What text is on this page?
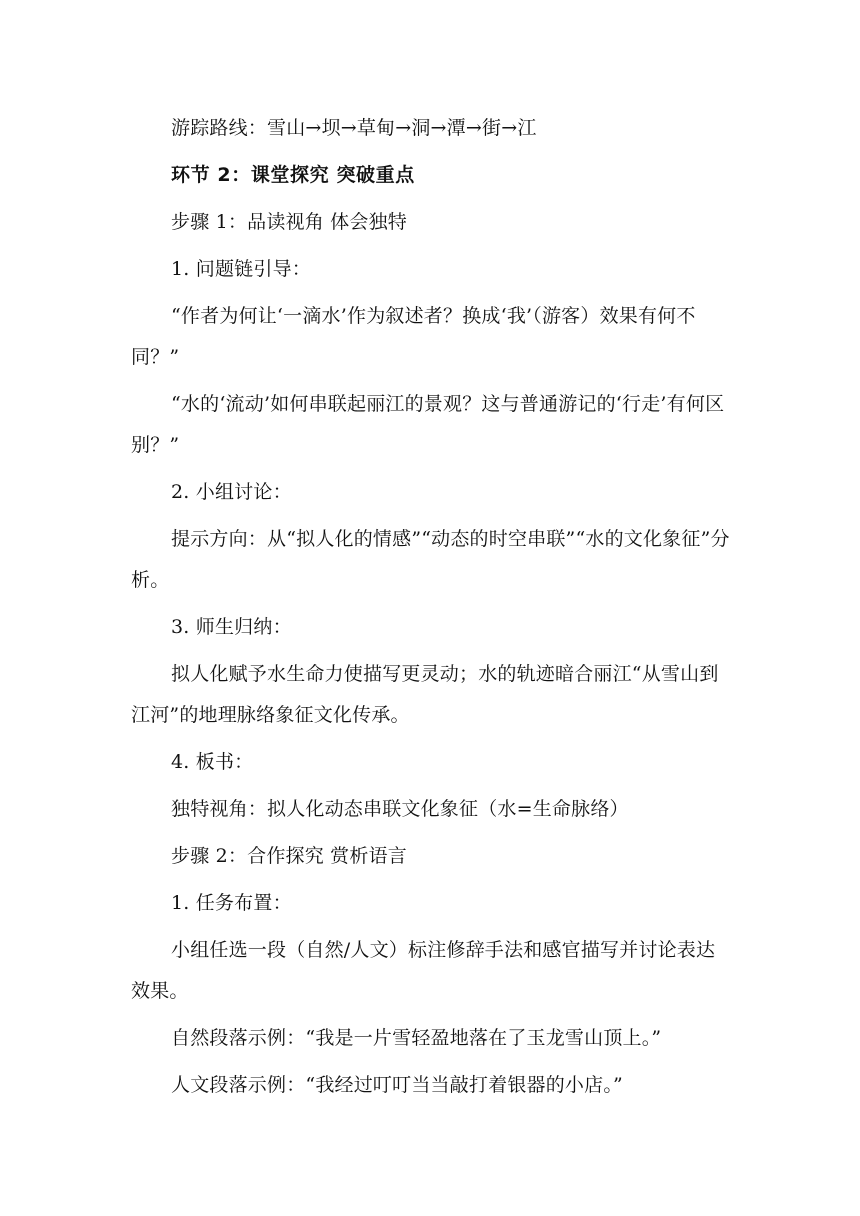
游踪路线：雪山→坝→草甸→洞→潭→街→江

环节 2：课堂探究 突破重点

步骤 1：品读视角 体会独特

1. 问题链引导：

“作者为何让‘一滴水’作为叙述者？换成‘我’（游客）效果有何不同？”

“水的‘流动’如何串联起丽江的景观？这与普通游记的‘行走’有何区别？”

2. 小组讨论：

提示方向：从“拟人化的情感”“动态的时空串联”“水的文化象征”分析。

3. 师生归纳：

拟人化赋予水生命力使描写更灵动；水的轨迹暗合丽江“从雪山到江河”的地理脉络象征文化传承。

4. 板书：

独特视角：拟人化动态串联文化象征（水=生命脉络）

步骤 2：合作探究 赏析语言

1. 任务布置：

小组任选一段（自然/人文）标注修辞手法和感官描写并讨论表达效果。

自然段落示例：“我是一片雪轻盈地落在了玉龙雪山顶上。”

人文段落示例：“我经过叮叮当当敲打着银器的小店。”
